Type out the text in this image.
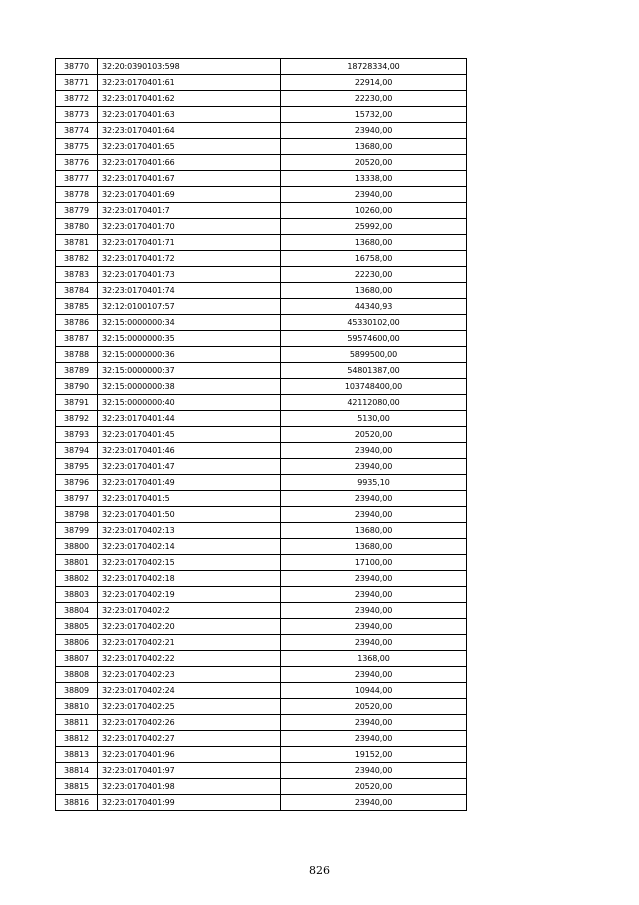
38770	32:20:0390103:598	18728334,00
38771	32:23:0170401:61	22914,00
38772	32:23:0170401:62	22230,00
38773	32:23:0170401:63	15732,00
38774	32:23:0170401:64	23940,00
38775	32:23:0170401:65	13680,00
38776	32:23:0170401:66	20520,00
38777	32:23:0170401:67	13338,00
38778	32:23:0170401:69	23940,00
38779	32:23:0170401:7	10260,00
38780	32:23:0170401:70	25992,00
38781	32:23:0170401:71	13680,00
38782	32:23:0170401:72	16758,00
38783	32:23:0170401:73	22230,00
38784	32:23:0170401:74	13680,00
38785	32:12:0100107:57	44340,93
38786	32:15:0000000:34	45330102,00
38787	32:15:0000000:35	59574600,00
38788	32:15:0000000:36	5899500,00
38789	32:15:0000000:37	54801387,00
38790	32:15:0000000:38	103748400,00
38791	32:15:0000000:40	42112080,00
38792	32:23:0170401:44	5130,00
38793	32:23:0170401:45	20520,00
38794	32:23:0170401:46	23940,00
38795	32:23:0170401:47	23940,00
38796	32:23:0170401:49	9935,10
38797	32:23:0170401:5	23940,00
38798	32:23:0170401:50	23940,00
38799	32:23:0170402:13	13680,00
38800	32:23:0170402:14	13680,00
38801	32:23:0170402:15	17100,00
38802	32:23:0170402:18	23940,00
38803	32:23:0170402:19	23940,00
38804	32:23:0170402:2	23940,00
38805	32:23:0170402:20	23940,00
38806	32:23:0170402:21	23940,00
38807	32:23:0170402:22	1368,00
38808	32:23:0170402:23	23940,00
38809	32:23:0170402:24	10944,00
38810	32:23:0170402:25	20520,00
38811	32:23:0170402:26	23940,00
38812	32:23:0170402:27	23940,00
38813	32:23:0170401:96	19152,00
38814	32:23:0170401:97	23940,00
38815	32:23:0170401:98	20520,00
38816	32:23:0170401:99	23940,00
826
